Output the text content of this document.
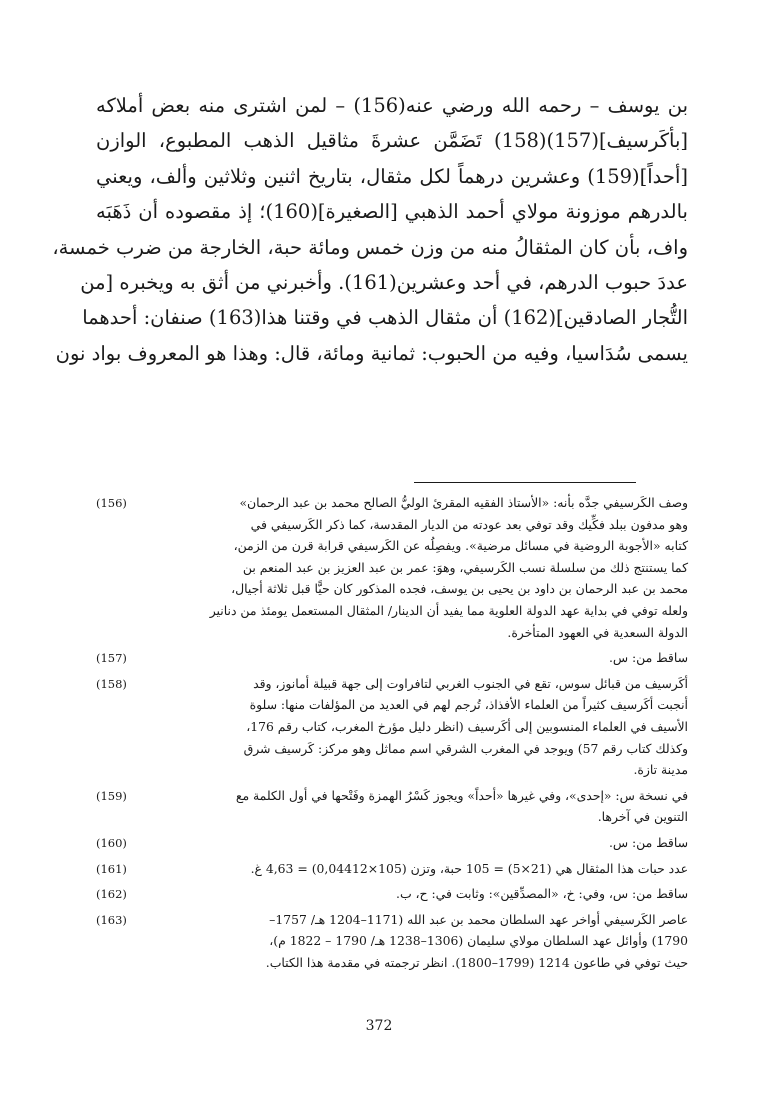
بن يوسف – رحمه الله ورضي عنه(156) – لمن اشترى منه بعض أملاكه
[بأكَرسيف](157)(158) تَضَمَّن عشرةَ مثاقيل الذهب المطبوع، الوازن
[أحداً](159) وعشرين درهماً لكل مثقال، بتاريخ اثنين وثلاثين وألف، ويعني
بالدرهم موزونة مولاي أحمد الذهبي [الصغيرة](160)؛ إذ مقصوده أن ذَهَبَه
واف، بأن كان المثقالُ منه من وزن خمس ومائة حبة، الخارجة من ضرب خمسة،
عددَ حبوب الدرهم، في أحد وعشرين(161). وأخبرني من أثق به ويخبره [من
التُّجار الصادقين](162) أن مثقال الذهب في وقتنا هذا(163) صنفان: أحدهما
يسمى سُدَاسيا، وفيه من الحبوب: ثمانية ومائة، قال: وهذا هو المعروف بواد نون
(156)	وصف الكَرسيفي جدَّه بأنه: «الأستاذ الفقيه المقرئ الوليُّ الصالح محمد بن عبد الرحمان»
وهو مدفون ببلد فكِّيك وقد توفي بعد عودته من الديار المقدسة، كما ذكر الكَرسيفي في
كتابه «الأجوبة الروضية في مسائل مرضية». ويفصِلُه عن الكَرسيفي قرابة قرن من الزمن،
كما يستنتج ذلك من سلسلة نسب الكَرسيفي، وهوَ: عمر بن عبد العزيز بن عبد المنعم بن
محمد بن عبد الرحمان بن داود بن يحيى بن يوسف، فجده المذكور كان حيًّا قبل ثلاثة أجيال،
ولعله توفي في بداية عهد الدولة العلوية مما يفيد أن الدينار/ المثقال المستعمل يومئذ من دنانير
الدولة السعدية في العهود المتأخرة.
(157)	ساقط من: س.
(158)	أكَرسيف من قبائل سوس، تقع في الجنوب الغربي لتافراوت إلى جهة قبيلة أمانوز، وقد
أنجبت أكَرسيف كثيراً من العلماء الأفذاذ، تُرجم لهم في العديد من المؤلفات منها: سلوة
الأسيف في العلماء المنسوبين إلى أكَرسيف (انظر دليل مؤرخ المغرب، كتاب رقم 176،
وكذلك كتاب رقم 57) ويوجد في المغرب الشرقي اسم مماثل وهو مركز: كَرسيف شرق
مدينة تازة.
(159)	في نسخة س: «إحدى»، وفي غيرها «أحداً» ويجوز كَسْرُ الهمزة وفَتْحها في أول الكلمة مع
التنوين في آخرها.
(160)	ساقط من: س.
(161)	عدد حبات هذا المثقال هي (21×5) = 105 حبة، وتزن (105×0,04412) = 4,63 غ.
(162)	ساقط من: س، وفي: خ، «المصدِّقين»: وثابت في: ح، ب.
(163)	عاصر الكَرسيفي أواخر عهد السلطان محمد بن عبد الله (1171–1204 هـ/ 1757–
1790) وأوائل عهد السلطان مولاي سليمان (1306–1238 هـ/ 1790 – 1822 م)،
حيث توفي في طاعون 1214 (1799–1800). انظر ترجمته في مقدمة هذا الكتاب.
372
